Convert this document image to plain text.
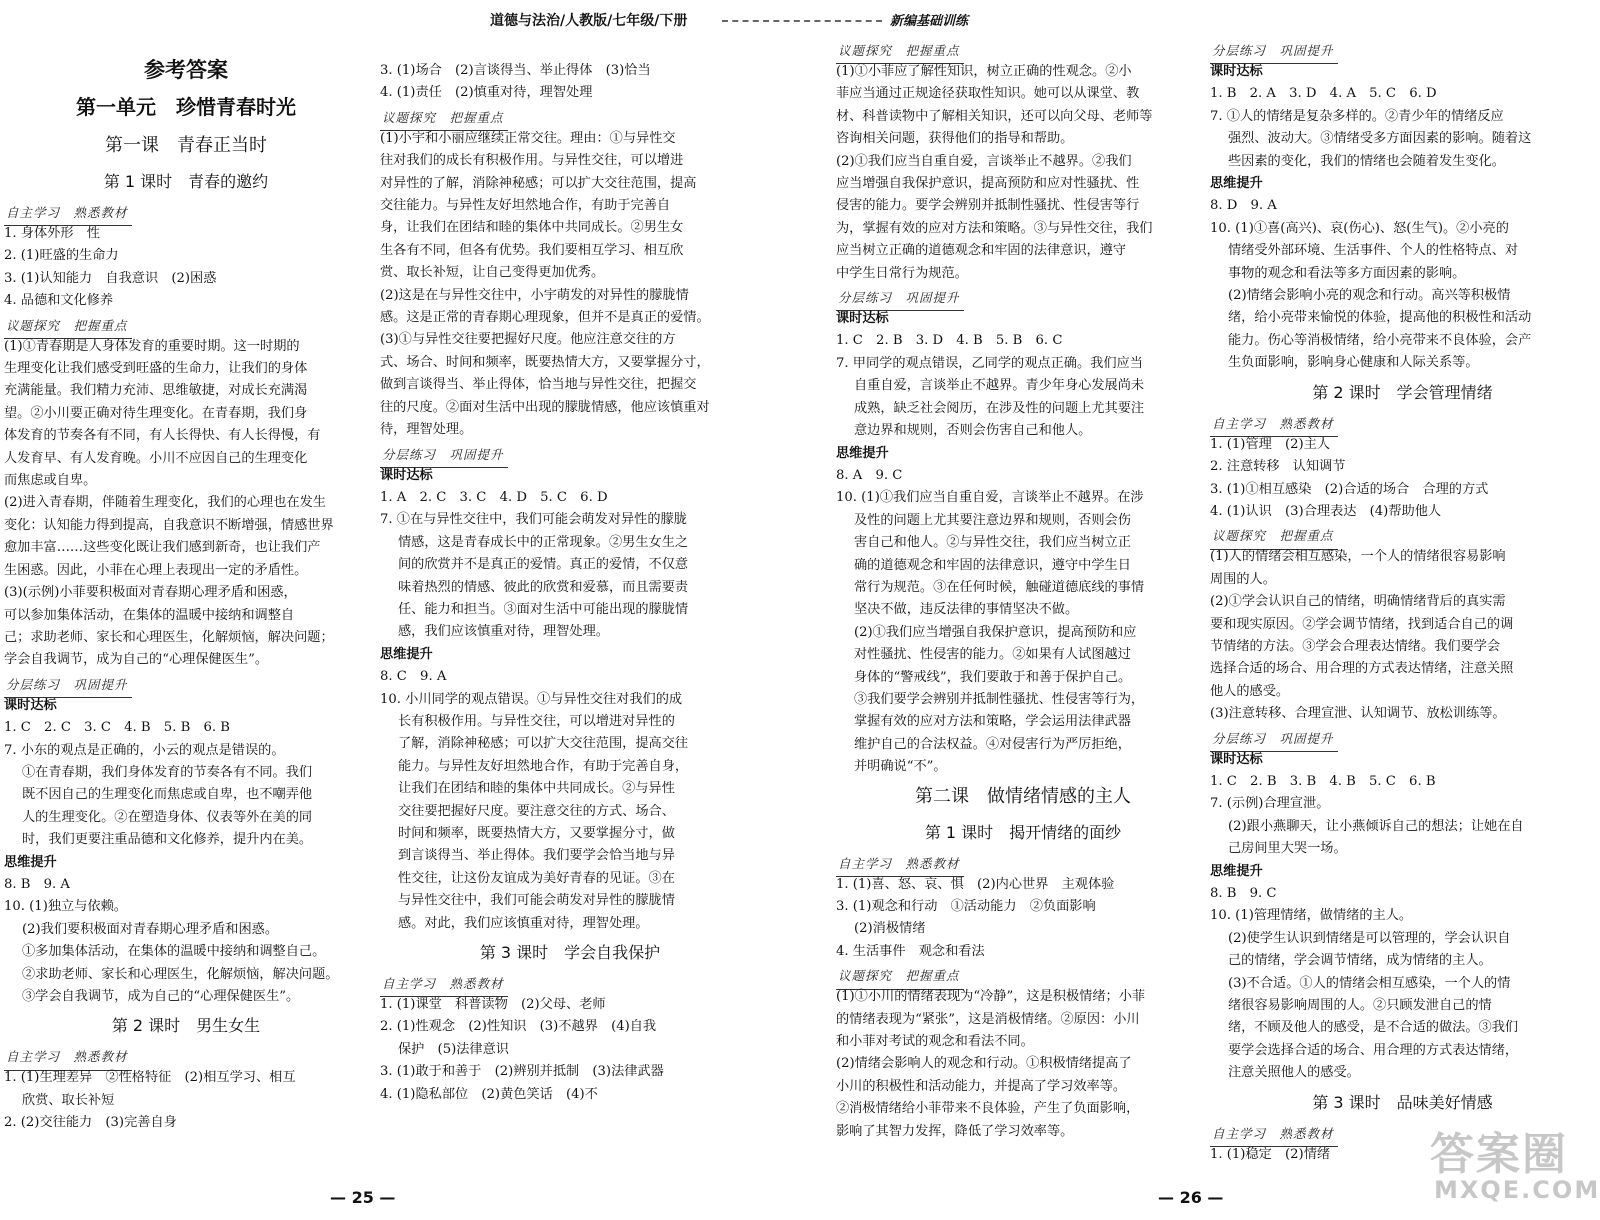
道德与法治/人教版/七年级/下册	新编基础训练
参考答案
第一单元　珍惜青春时光
第一课　青春正当时
第 1 课时　青春的邀约
自主学习　熟悉教材
1. 身体外形　性
2. (1)旺盛的生命力
3. (1)认知能力　自我意识　(2)困惑
4. 品德和文化修养
议题探究　把握重点
(1)①青春期是人身体发育的重要时期。这一时期的
生理变化让我们感受到旺盛的生命力，让我们的身体
充满能量。我们精力充沛、思维敏捷，对成长充满渴
望。②小川要正确对待生理变化。在青春期，我们身
体发育的节奏各有不同，有人长得快、有人长得慢，有
人发育早、有人发育晚。小川不应因自己的生理变化
而焦虑或自卑。
(2)进入青春期，伴随着生理变化，我们的心理也在发生
变化：认知能力得到提高，自我意识不断增强，情感世界
愈加丰富……这些变化既让我们感到新奇，也让我们产
生困惑。因此，小菲在心理上表现出一定的矛盾性。
(3)(示例)小菲要积极面对青春期心理矛盾和困惑，
可以参加集体活动，在集体的温暖中接纳和调整自
己；求助老师、家长和心理医生，化解烦恼，解决问题；
学会自我调节，成为自己的“心理保健医生”。
分层练习　巩固提升
课时达标
1. C　2. C　3. C　4. B　5. B　6. B
7. 小东的观点是正确的，小云的观点是错误的。
①在青春期，我们身体发育的节奏各有不同。我们
既不因自己的生理变化而焦虑或自卑，也不嘲弄他
人的生理变化。②在塑造身体、仪表等外在美的同
时，我们更要注重品德和文化修养，提升内在美。
思维提升
8. B　9. A
10. (1)独立与依赖。
(2)我们要积极面对青春期心理矛盾和困惑。
①多加集体活动，在集体的温暖中接纳和调整自己。
②求助老师、家长和心理医生，化解烦恼，解决问题。
③学会自我调节，成为自己的“心理保健医生”。
第 2 课时　男生女生
自主学习　熟悉教材
1. (1)生理差异　②性格特征　(2)相互学习、相互
欣赏、取长补短
2. (2)交往能力　(3)完善自身
3. (1)场合　(2)言谈得当、举止得体　(3)恰当
4. (1)责任　(2)慎重对待，理智处理
议题探究　把握重点
(1)小宇和小丽应继续正常交往。理由：①与异性交
往对我们的成长有积极作用。与异性交往，可以增进
对异性的了解，消除神秘感；可以扩大交往范围，提高
交往能力。与异性友好坦然地合作，有助于完善自
身，让我们在团结和睦的集体中共同成长。②男生女
生各有不同，但各有优势。我们要相互学习、相互欣
赏、取长补短，让自己变得更加优秀。
(2)这是在与异性交往中，小宇萌发的对异性的朦胧情
感。这是正常的青春期心理现象，但并不是真正的爱情。
(3)①与异性交往要把握好尺度。他应注意交往的方
式、场合、时间和频率，既要热情大方，又要掌握分寸，
做到言谈得当、举止得体，恰当地与异性交往，把握交
往的尺度。②面对生活中出现的朦胧情感，他应该慎重对
待，理智处理。
分层练习　巩固提升
课时达标
1. A　2. C　3. C　4. D　5. C　6. D
7. ①在与异性交往中，我们可能会萌发对异性的朦胧
情感，这是青春成长中的正常现象。②男生女生之
间的欣赏并不是真正的爱情。真正的爱情，不仅意
味着热烈的情感、彼此的欣赏和爱慕，而且需要责
任、能力和担当。③面对生活中可能出现的朦胧情
感，我们应该慎重对待，理智处理。
思维提升
8. C　9. A
10. 小川同学的观点错误。①与异性交往对我们的成
长有积极作用。与异性交往，可以增进对异性的
了解，消除神秘感；可以扩大交往范围，提高交往
能力。与异性友好坦然地合作，有助于完善自身，
让我们在团结和睦的集体中共同成长。②与异性
交往要把握好尺度。要注意交往的方式、场合、
时间和频率，既要热情大方，又要掌握分寸，做
到言谈得当、举止得体。我们要学会恰当地与异
性交往，让这份友谊成为美好青春的见证。③在
与异性交往中，我们可能会萌发对异性的朦胧情
感。对此，我们应该慎重对待，理智处理。
第 3 课时　学会自我保护
自主学习　熟悉教材
1. (1)课堂　科普读物　(2)父母、老师
2. (1)性观念　(2)性知识　(3)不越界　(4)自我
保护　(5)法律意识
3. (1)敢于和善于　(2)辨别并抵制　(3)法律武器
4. (1)隐私部位　(2)黄色笑话　(4)不
议题探究　把握重点
(1)①小菲应了解性知识，树立正确的性观念。②小
菲应当通过正规途径获取性知识。她可以从课堂、教
材、科普读物中了解相关知识，还可以向父母、老师等
咨询相关问题，获得他们的指导和帮助。
(2)①我们应当自重自爱，言谈举止不越界。②我们
应当增强自我保护意识，提高预防和应对性骚扰、性
侵害的能力。要学会辨别并抵制性骚扰、性侵害等行
为，掌握有效的应对方法和策略。③与异性交往，我们
应当树立正确的道德观念和牢固的法律意识，遵守
中学生日常行为规范。
分层练习　巩固提升
课时达标
1. C　2. B　3. D　4. B　5. B　6. C
7. 甲同学的观点错误，乙同学的观点正确。我们应当
自重自爱，言谈举止不越界。青少年身心发展尚未
成熟，缺乏社会阅历，在涉及性的问题上尤其要注
意边界和规则，否则会伤害自己和他人。
思维提升
8. A　9. C
10. (1)①我们应当自重自爱，言谈举止不越界。在涉
及性的问题上尤其要注意边界和规则，否则会伤
害自己和他人。②与异性交往，我们应当树立正
确的道德观念和牢固的法律意识，遵守中学生日
常行为规范。③在任何时候，触碰道德底线的事情
坚决不做，违反法律的事情坚决不做。
(2)①我们应当增强自我保护意识，提高预防和应
对性骚扰、性侵害的能力。②如果有人试图越过
身体的“警戒线”，我们要敢于和善于保护自己。
③我们要学会辨别并抵制性骚扰、性侵害等行为，
掌握有效的应对方法和策略，学会运用法律武器
维护自己的合法权益。④对侵害行为严厉拒绝，
并明确说“不”。
第二课　做情绪情感的主人
第 1 课时　揭开情绪的面纱
自主学习　熟悉教材
1. (1)喜、怒、哀、惧　(2)内心世界　主观体验
3. (1)观念和行动　①活动能力　②负面影响
(2)消极情绪
4. 生活事件　观念和看法
议题探究　把握重点
(1)①小川的情绪表现为“冷静”，这是积极情绪；小菲
的情绪表现为“紧张”，这是消极情绪。②原因：小川
和小菲对考试的观念和看法不同。
(2)情绪会影响人的观念和行动。①积极情绪提高了
小川的积极性和活动能力，并提高了学习效率等。
②消极情绪给小菲带来不良体验，产生了负面影响，
影响了其智力发挥，降低了学习效率等。
分层练习　巩固提升
课时达标
1. B　2. A　3. D　4. A　5. C　6. D
7. ①人的情绪是复杂多样的。②青少年的情绪反应
强烈、波动大。③情绪受多方面因素的影响。随着这
些因素的变化，我们的情绪也会随着发生变化。
思维提升
8. D　9. A
10. (1)①喜(高兴)、哀(伤心)、怒(生气)。②小亮的
情绪受外部环境、生活事件、个人的性格特点、对
事物的观念和看法等多方面因素的影响。
(2)情绪会影响小亮的观念和行动。高兴等积极情
绪，给小亮带来愉悦的体验，提高他的积极性和活动
能力。伤心等消极情绪，给小亮带来不良体验，会产
生负面影响，影响身心健康和人际关系等。
第 2 课时　学会管理情绪
自主学习　熟悉教材
1. (1)管理　(2)主人
2. 注意转移　认知调节
3. (1)①相互感染　(2)合适的场合　合理的方式
4. (1)认识　(3)合理表达　(4)帮助他人
议题探究　把握重点
(1)人的情绪会相互感染，一个人的情绪很容易影响
周围的人。
(2)①学会认识自己的情绪，明确情绪背后的真实需
要和现实原因。②学会调节情绪，找到适合自己的调
节情绪的方法。③学会合理表达情绪。我们要学会
选择合适的场合、用合理的方式表达情绪，注意关照
他人的感受。
(3)注意转移、合理宣泄、认知调节、放松训练等。
分层练习　巩固提升
课时达标
1. C　2. B　3. B　4. B　5. C　6. B
7. (示例)合理宣泄。
(2)跟小燕聊天，让小燕倾诉自己的想法；让她在自
己房间里大哭一场。
思维提升
8. B　9. C
10. (1)管理情绪，做情绪的主人。
(2)使学生认识到情绪是可以管理的，学会认识自
己的情绪，学会调节情绪，成为情绪的主人。
(3)不合适。①人的情绪会相互感染，一个人的情
绪很容易影响周围的人。②只顾发泄自己的情
绪，不顾及他人的感受，是不合适的做法。③我们
要学会选择合适的场合、用合理的方式表达情绪，
注意关照他人的感受。
第 3 课时　品味美好情感
自主学习　熟悉教材
1. (1)稳定　(2)情绪
— 25 —	— 26 —
答案圈
MXQE.COM
